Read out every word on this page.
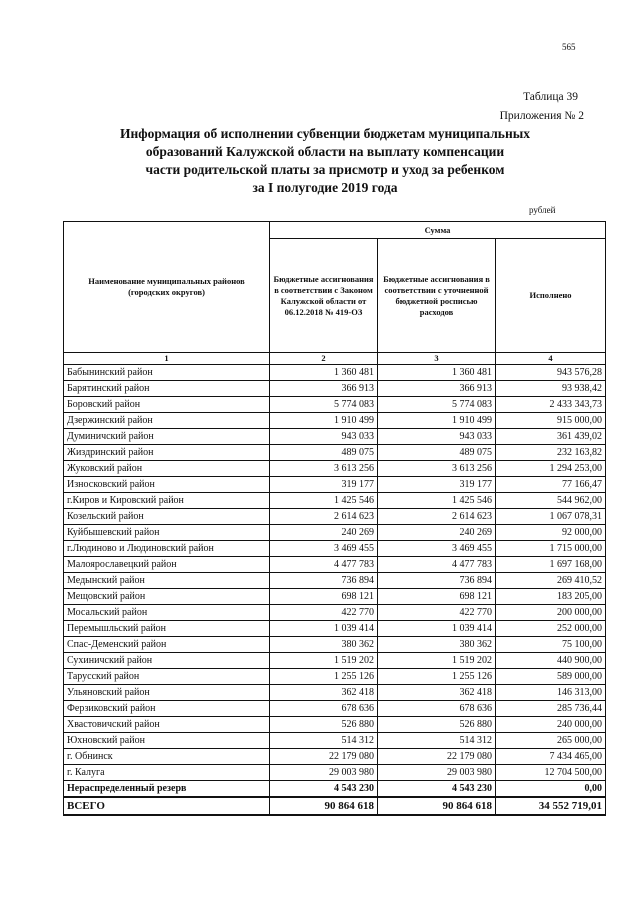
565
Таблица 39
Приложения № 2
Информация об исполнении субвенции бюджетам муниципальных
образований Калужской области на выплату компенсации
части родительской платы за присмотр и уход за ребенком
за I полугодие 2019 года
рублей
Наименование муниципальных районов (городских округов)	Сумма		
	Бюджетные ассигнования в соответствии с Законом Калужской области от 06.12.2018 № 419-ОЗ	Бюджетные ассигнования в соответствии с уточненной бюджетной росписью расходов	Исполнено
1	2	3	4
Бабынинский район	1 360 481	1 360 481	943 576,28
Барятинский район	366 913	366 913	93 938,42
Боровский район	5 774 083	5 774 083	2 433 343,73
Дзержинский район	1 910 499	1 910 499	915 000,00
Думиничский район	943 033	943 033	361 439,02
Жиздринский район	489 075	489 075	232 163,82
Жуковский район	3 613 256	3 613 256	1 294 253,00
Износковский район	319 177	319 177	77 166,47
г.Киров и Кировский район	1 425 546	1 425 546	544 962,00
Козельский район	2 614 623	2 614 623	1 067 078,31
Куйбышевский район	240 269	240 269	92 000,00
г.Людиново и Людиновский район	3 469 455	3 469 455	1 715 000,00
Малоярославецкий район	4 477 783	4 477 783	1 697 168,00
Медынский район	736 894	736 894	269 410,52
Мещовский район	698 121	698 121	183 205,00
Мосальский район	422 770	422 770	200 000,00
Перемышльский район	1 039 414	1 039 414	252 000,00
Спас-Деменский район	380 362	380 362	75 100,00
Сухиничский район	1 519 202	1 519 202	440 900,00
Тарусский район	1 255 126	1 255 126	589 000,00
Ульяновский район	362 418	362 418	146 313,00
Ферзиковский район	678 636	678 636	285 736,44
Хвастовичский район	526 880	526 880	240 000,00
Юхновский район	514 312	514 312	265 000,00
г. Обнинск	22 179 080	22 179 080	7 434 465,00
г. Калуга	29 003 980	29 003 980	12 704 500,00
Нераспределенный резерв	4 543 230	4 543 230	0,00
ВСЕГО	90 864 618	90 864 618	34 552 719,01
